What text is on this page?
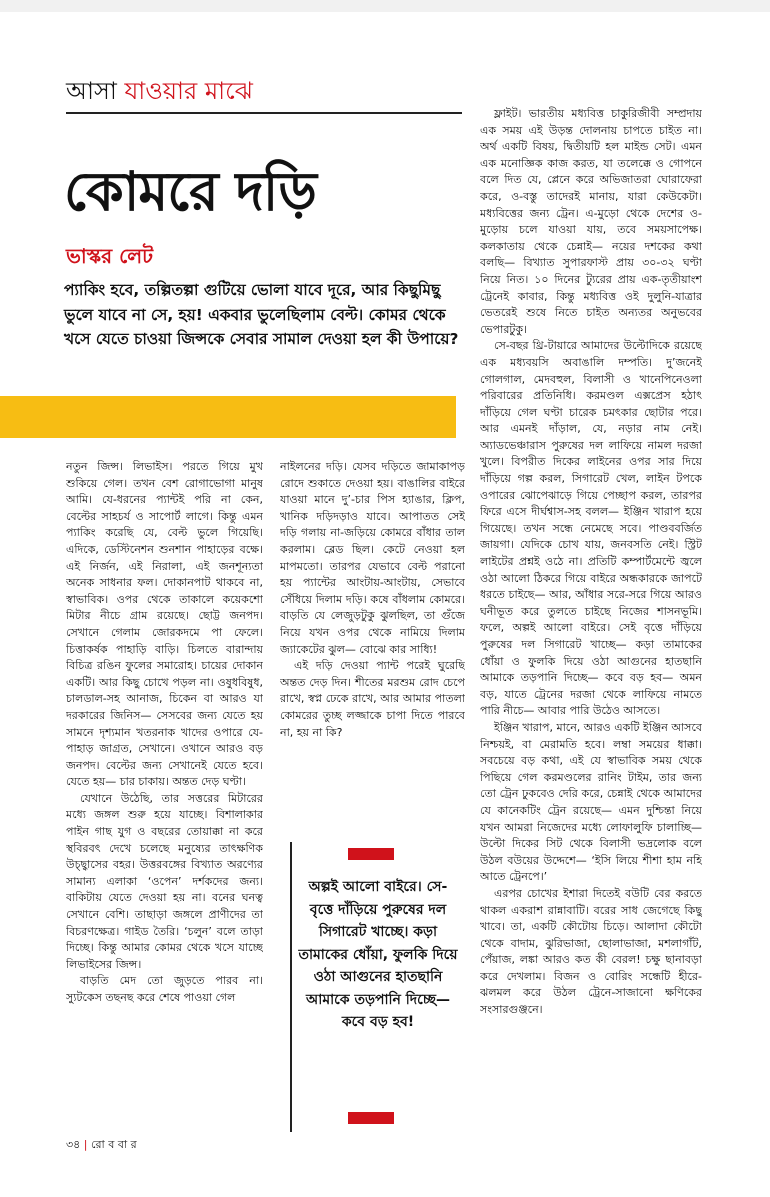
আসা যাওয়ার মাঝে
কোমরে দড়ি
ভাস্কর লেট
প্যাকিং হবে, তল্পিতল্পা গুটিয়ে ভোলা যাবে দূরে, আর কিছুমিছু ভুলে যাবে না সে, হয়! একবার ভুলেছিলাম বেল্ট। কোমর থেকে খসে যেতে চাওয়া জিন্সকে সেবার সামাল দেওয়া হল কী উপায়ে?

নতুন জিন্স। লিভাইস। পরতে গিয়ে মুখ শুকিয়ে গেল। তখন বেশ রোগাভোগা মানুষ আমি। যে-ধরনের প্যান্টই পরি না কেন, বেল্টের সাহচর্য ও সাপোর্ট লাগে। কিন্তু এমন প্যাকিং করেছি যে, বেল্ট ভুলে গিয়েছি। এদিকে, ডেস্টিনেশন শুনশান পাহাড়ের বক্ষে। এই নির্জন, এই নিরালা, এই জনশূন্যতা অনেক সাধনার ফল। দোকানপাট থাকবে না, স্বাভাবিক। ওপর থেকে তাকালে কয়েকশো মিটার নীচে গ্রাম রয়েছে। ছোট্ট জনপদ। সেখানে গেলাম জোরকদমে পা ফেলে। চিত্তাকর্ষক পাহাড়ি বাড়ি। চিলতে বারান্দায় বিচিত্র রঙিন ফুলের সমারোহ। চায়ের দোকান একটি। আর কিছু চোখে পড়ল না। ওষুধবিষুধ, চালডাল-সহ আনাজ, চিকেন বা আরও যা দরকারের জিনিস— সেসবের জন্য যেতে হয় সামনে দৃশ্যমান খতরনাক খাদের ওপারে যে-পাহাড় জাগ্রত, সেখানে। ওখানে আরও বড় জনপদ। বেল্টের জন্য সেখানেই যেতে হবে। যেতে হয়— চার চাকায়। অন্তত দেড় ঘণ্টা।

যেখানে উঠেছি, তার সত্তরের মিটারের মধ্যে জঙ্গল শুরু হয়ে যাচ্ছে। বিশালাকার পাইন গাছ যুগ ও বছরের তোয়াক্কা না করে স্থবিরবৎ দেখে চলেছে মনুষ্যের তাৎক্ষণিক উচ্ছ্বাসের বহর। উত্তরবঙ্গের বিখ্যাত অরণ্যের সামান্য এলাকা ‘ওপেন’ দর্শকদের জন্য। বাকিটায় যেতে দেওয়া হয় না। বনের ঘনত্ব সেখানে বেশি। তাছাড়া জঙ্গলে প্রাণীদের তা বিচরণক্ষেত্র। গাইড তৈরি। ‘চলুন’ বলে তাড়া দিচ্ছে। কিন্তু আমার কোমর থেকে খসে যাচ্ছে লিভাইসের জিন্স।

বাড়তি মেদ তো জুড়তে পারব না। স্যুটকেস তছনছ করে শেষে পাওয়া গেল

নাইলনের দড়ি। যেসব দড়িতে জামাকাপড় রোদে শুকাতে দেওয়া হয়। বাঙালির বাইরে যাওয়া মানে দু’-চার পিস হ্যাঙার, ক্লিপ, খানিক দড়িদড়াও যাবে। আপাতত সেই দড়ি গলায় না-জড়িয়ে কোমরে বাঁধার তাল করলাম। ব্লেড ছিল। কেটে নেওয়া হল মাপমতো। তারপর যেভাবে বেল্ট পরানো হয় প্যান্টের আংটায়-আংটায়, সেভাবে সেঁধিয়ে দিলাম দড়ি। কষে বাঁধলাম কোমরে। বাড়তি যে লেজুড়টুকু ঝুলছিল, তা গুঁজে নিয়ে যখন ওপর থেকে নামিয়ে দিলাম জ্যাকেটের ঝুল— বোঝে কার সাধ্যি!

এই দড়ি দেওয়া প্যান্ট পরেই ঘুরেছি অন্তত দেড় দিন। শীতের মরশুম রোদ চেপে রাখে, স্বপ্ন ঢেকে রাখে, আর আমার পাতলা কোমরের তুচ্ছ লজ্জাকে চাপা দিতে পারবে না, হয় না কি?

ফ্লাইট। ভারতীয় মধ্যবিত্ত চাকুরিজীবী সম্প্রদায় এক সময় এই উড়ন্ত দোলনায় চাপতে চাইত না। অর্থ একটি বিষয়, দ্বিতীয়টি হল মাইন্ড সেট। এমন এক মনোজ্ঞিক কাজ করত, যা তলেক্কে ও গোপনে বলে দিত যে, প্লেনে করে অভিজাতরা ঘোরাফেরা করে, ও-বস্তু তাদেরই মানায়, যারা কেউকেটা। মধ্যবিত্তের জন্য ট্রেন। এ-মুড়ো থেকে দেশের ও-মুড়োয় চলে যাওয়া যায়, তবে সময়সাপেক্ষ। কলকাতায় থেকে চেন্নাই— নয়ের দশকের কথা বলছি— বিখ্যাত সুপারফাস্ট প্রায় ৩০-৩২ ঘণ্টা নিয়ে নিত। ১০ দিনের ট্যুরের প্রায় এক-তৃতীয়াংশ ট্রেনেই কাবার, কিন্তু মধ্যবিত্ত ওই দুলুনি-যাত্রার ভেতরেই শুষে নিতে চাইত অন্যতর অনুভবের ভেপারটুকু।

সে-বছর থ্রি-টায়ারে আমাদের উল্টোদিকে রয়েছে এক মধ্যবয়সি অবাঙালি দম্পতি। দু’জনেই গোলগাল, মেদবহুল, বিলাসী ও খানেপিনেওলা পরিবারের প্রতিনিধি। করমণ্ডল এক্সপ্রেস হঠাৎ দাঁড়িয়ে গেল ঘণ্টা চারেক চমৎকার ছোটার পরে। আর এমনই দাঁড়াল, যে, নড়ার নাম নেই। অ্যাডভেঞ্চারাস পুরুষের দল লাফিয়ে নামল দরজা খুলে। বিপরীত দিকের লাইনের ওপর সার দিয়ে দাঁড়িয়ে গল্প করল, সিগারেট খেল, লাইন টপকে ওপারের ঝোপেঝাড়ে গিয়ে পেচ্ছাপ করল, তারপর ফিরে এসে দীর্ঘশ্বাস-সহ বলল— ইঞ্জিন খারাপ হয়ে গিয়েছে। তখন সন্ধে নেমেছে সবে। পাণ্ডববর্জিত জায়গা। যেদিকে চোখ যায়, জনবসতি নেই। স্ট্রিট লাইটের প্রশ্নই ওঠে না। প্রতিটি কম্পার্টমেন্টে জ্বলে ওঠা আলো ঠিকরে গিয়ে বাইরে অন্ধকারকে জাপটে ধরতে চাইছে— আর, আঁধার সরে-সরে গিয়ে আরও ঘনীভূত করে তুলতে চাইছে নিজের শাসনভূমি। ফলে, অল্পই আলো বাইরে। সেই বৃত্তে দাঁড়িয়ে পুরুষের দল সিগারেট খাচ্ছে— কড়া তামাকের ধোঁয়া ও ফুলকি দিয়ে ওঠা আগুনের হাতছানি আমাকে তড়পানি দিচ্ছে— কবে বড় হব— অমন বড়, যাতে ট্রেনের দরজা থেকে লাফিয়ে নামতে পারি নীচে— আবার পারি উঠেও আসতে।

ইঞ্জিন খারাপ, মানে, আরও একটি ইঞ্জিন আসবে নিশ্চয়ই, বা মেরামতি হবে। লম্বা সময়ের ধাক্কা। সবচেয়ে বড় কথা, এই যে স্বাভাবিক সময় থেকে পিছিয়ে গেল করমণ্ডলের রানিং টাইম, তার জন্য তো ট্রেন ঢুকবেও দেরি করে, চেন্নাই থেকে আমাদের যে কানেকটিং ট্রেন রয়েছে— এমন দুশ্চিন্তা নিয়ে যখন আমরা নিজেদের মধ্যে লোফালুফি চালাচ্ছি— উল্টো দিকের সিট থেকে বিলাসী ভদ্রলোক বলে উঠল বউয়ের উদ্দেশে— ‘ইসি লিয়ে শীশা হাম নহি আতে ট্রেনপে।’

এরপর চোখের ইশারা দিতেই বউটি বের করতে থাকল একরাশ রান্নাবাটি। বরের সাধ জেগেছে কিছু খাবে। তা, একটি কৌটোয় চিড়ে। আলাদা কৌটো থেকে বাদাম, ঝুরিভাজা, ছোলাভাজা, মশলাগাঁট, পেঁয়াজ, লঙ্কা আরও কত কী বেরল! চক্ষু ছানাবড়া করে দেখলাম। বিজন ও বোরিং সন্ধেটি হীরে-ঝলমল করে উঠল ট্রেনে-সাজানো ক্ষণিকের সংসারগুঞ্জনে।

অল্পই আলো বাইরে। সে-বৃত্তে দাঁড়িয়ে পুরুষের দল সিগারেট খাচ্ছে। কড়া তামাকের ধোঁয়া, ফুলকি দিয়ে ওঠা আগুনের হাতছানি আমাকে তড়পানি দিচ্ছে— কবে বড় হব!
৩৪ | রো ব বা র
